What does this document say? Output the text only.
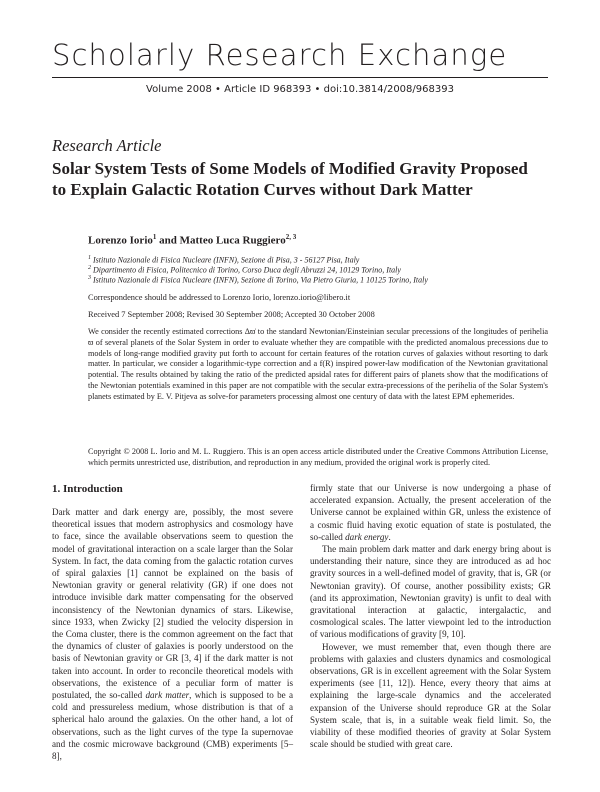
Scholarly Research Exchange
Volume 2008 • Article ID 968393 • doi:10.3814/2008/968393
Research Article
Solar System Tests of Some Models of Modified Gravity Proposed
to Explain Galactic Rotation Curves without Dark Matter
Lorenzo Iorio$^1$ and Matteo Luca Ruggiero$^{2, 3}$
$^1$ Istituto Nazionale di Fisica Nucleare (INFN), Sezione di Pisa, 3 - 56127 Pisa, Italy
$^2$ Dipartimento di Fisica, Politecnico di Torino, Corso Duca degli Abruzzi 24, 10129 Torino, Italy
$^3$ Istituto Nazionale di Fisica Nucleare (INFN), Sezione di Torino, Via Pietro Giuria, 1 10125 Torino, Italy
Correspondence should be addressed to Lorenzo Iorio, lorenzo.iorio@libero.it
Received 7 September 2008; Revised 30 September 2008; Accepted 30 October 2008
We consider the recently estimated corrections Δϖ̇ to the standard Newtonian/Einsteinian secular precessions of the longitudes of perihelia ϖ of several planets of the Solar System in order to evaluate whether they are compatible with the predicted anomalous precessions due to models of long-range modified gravity put forth to account for certain features of the rotation curves of galaxies without resorting to dark matter. In particular, we consider a logarithmic-type correction and a f(R) inspired power-law modification of the Newtonian gravitational potential. The results obtained by taking the ratio of the predicted apsidal rates for different pairs of planets show that the modifications of the Newtonian potentials examined in this paper are not compatible with the secular extra-precessions of the perihelia of the Solar System's planets estimated by E. V. Pitjeva as solve-for parameters processing almost one century of data with the latest EPM ephemerides.
Copyright © 2008 L. Iorio and M. L. Ruggiero. This is an open access article distributed under the Creative Commons Attribution License, which permits unrestricted use, distribution, and reproduction in any medium, provided the original work is properly cited.
1. Introduction

Dark matter and dark energy are, possibly, the most severe theoretical issues that modern astrophysics and cosmology have to face, since the available observations seem to question the model of gravitational interaction on a scale larger than the Solar System. In fact, the data coming from the galactic rotation curves of spiral galaxies [1] cannot be explained on the basis of Newtonian gravity or general relativity (GR) if one does not introduce invisible dark matter compensating for the observed inconsistency of the Newtonian dynamics of stars. Likewise, since 1933, when Zwicky [2] studied the velocity dispersion in the Coma cluster, there is the common agreement on the fact that the dynamics of cluster of galaxies is poorly understood on the basis of Newtonian gravity or GR [3, 4] if the dark matter is not taken into account. In order to reconcile theoretical models with observations, the existence of a peculiar form of matter is postulated, the so-called dark matter, which is supposed to be a cold and pressureless medium, whose distribution is that of a spherical halo around the galaxies. On the other hand, a lot of observations, such as the light curves of the type Ia supernovae and the cosmic microwave background (CMB) experiments [5–8],

firmly state that our Universe is now undergoing a phase of accelerated expansion. Actually, the present acceleration of the Universe cannot be explained within GR, unless the existence of a cosmic fluid having exotic equation of state is postulated, the so-called dark energy.

The main problem dark matter and dark energy bring about is understanding their nature, since they are introduced as ad hoc gravity sources in a well-defined model of gravity, that is, GR (or Newtonian gravity). Of course, another possibility exists; GR (and its approximation, Newtonian gravity) is unfit to deal with gravitational interaction at galactic, intergalactic, and cosmological scales. The latter viewpoint led to the introduction of various modifications of gravity [9, 10].

However, we must remember that, even though there are problems with galaxies and clusters dynamics and cosmological observations, GR is in excellent agreement with the Solar System experiments (see [11, 12]). Hence, every theory that aims at explaining the large-scale dynamics and the accelerated expansion of the Universe should reproduce GR at the Solar System scale, that is, in a suitable weak field limit. So, the viability of these modified theories of gravity at Solar System scale should be studied with great care.
